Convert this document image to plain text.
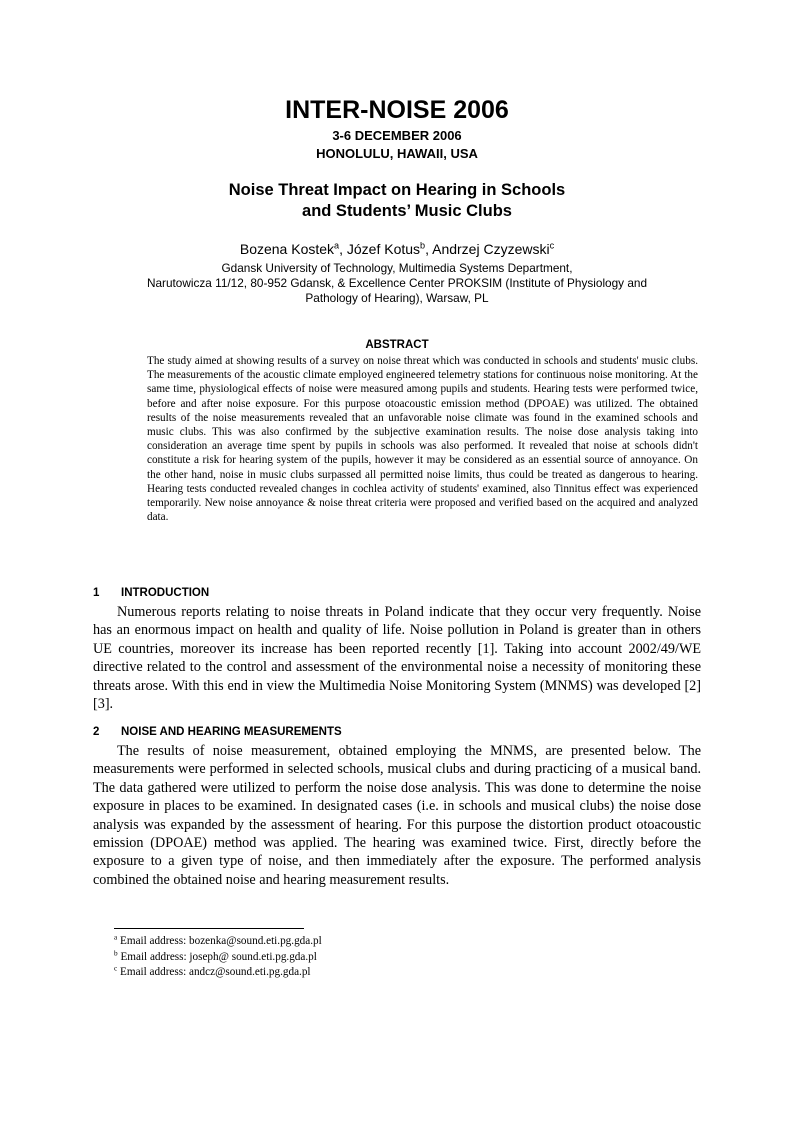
INTER-NOISE 2006
3-6 DECEMBER 2006
HONOLULU, HAWAII, USA
Noise Threat Impact on Hearing in Schools
and Students’ Music Clubs
Bozena Kostek$^a$, Józef Kotus$^b$, Andrzej Czyzewski$^c$
Gdansk University of Technology, Multimedia Systems Department,
Narutowicza 11/12, 80-952 Gdansk, & Excellence Center PROKSIM (Institute of Physiology and
Pathology of Hearing), Warsaw, PL
ABSTRACT
The study aimed at showing results of a survey on noise threat which was conducted in schools and students' music clubs. The measurements of the acoustic climate employed engineered telemetry stations for continuous noise monitoring. At the same time, physiological effects of noise were measured among pupils and students. Hearing tests were performed twice, before and after noise exposure. For this purpose otoacoustic emission method (DPOAE) was utilized. The obtained results of the noise measurements revealed that an unfavorable noise climate was found in the examined schools and music clubs. This was also confirmed by the subjective examination results. The noise dose analysis taking into consideration an average time spent by pupils in schools was also performed. It revealed that noise at schools didn't constitute a risk for hearing system of the pupils, however it may be considered as an essential source of annoyance. On the other hand, noise in music clubs surpassed all permitted noise limits, thus could be treated as dangerous to hearing. Hearing tests conducted revealed changes in cochlea activity of students' examined, also Tinnitus effect was experienced temporarily. New noise annoyance & noise threat criteria were proposed and verified based on the acquired and analyzed data.
1 INTRODUCTION
Numerous reports relating to noise threats in Poland indicate that they occur very frequently. Noise has an enormous impact on health and quality of life. Noise pollution in Poland is greater than in others UE countries, moreover its increase has been reported recently [1]. Taking into account 2002/49/WE directive related to the control and assessment of the environmental noise a necessity of monitoring these threats arose. With this end in view the Multimedia Noise Monitoring System (MNMS) was developed [2][3].
2 NOISE AND HEARING MEASUREMENTS
The results of noise measurement, obtained employing the MNMS, are presented below. The measurements were performed in selected schools, musical clubs and during practicing of a musical band. The data gathered were utilized to perform the noise dose analysis. This was done to determine the noise exposure in places to be examined. In designated cases (i.e. in schools and musical clubs) the noise dose analysis was expanded by the assessment of hearing. For this purpose the distortion product otoacoustic emission (DPOAE) method was applied. The hearing was examined twice. First, directly before the exposure to a given type of noise, and then immediately after the exposure. The performed analysis combined the obtained noise and hearing measurement results.
$^a$ Email address: bozenka@sound.eti.pg.gda.pl
$^b$ Email address: joseph@ sound.eti.pg.gda.pl
$^c$ Email address: andcz@sound.eti.pg.gda.pl
